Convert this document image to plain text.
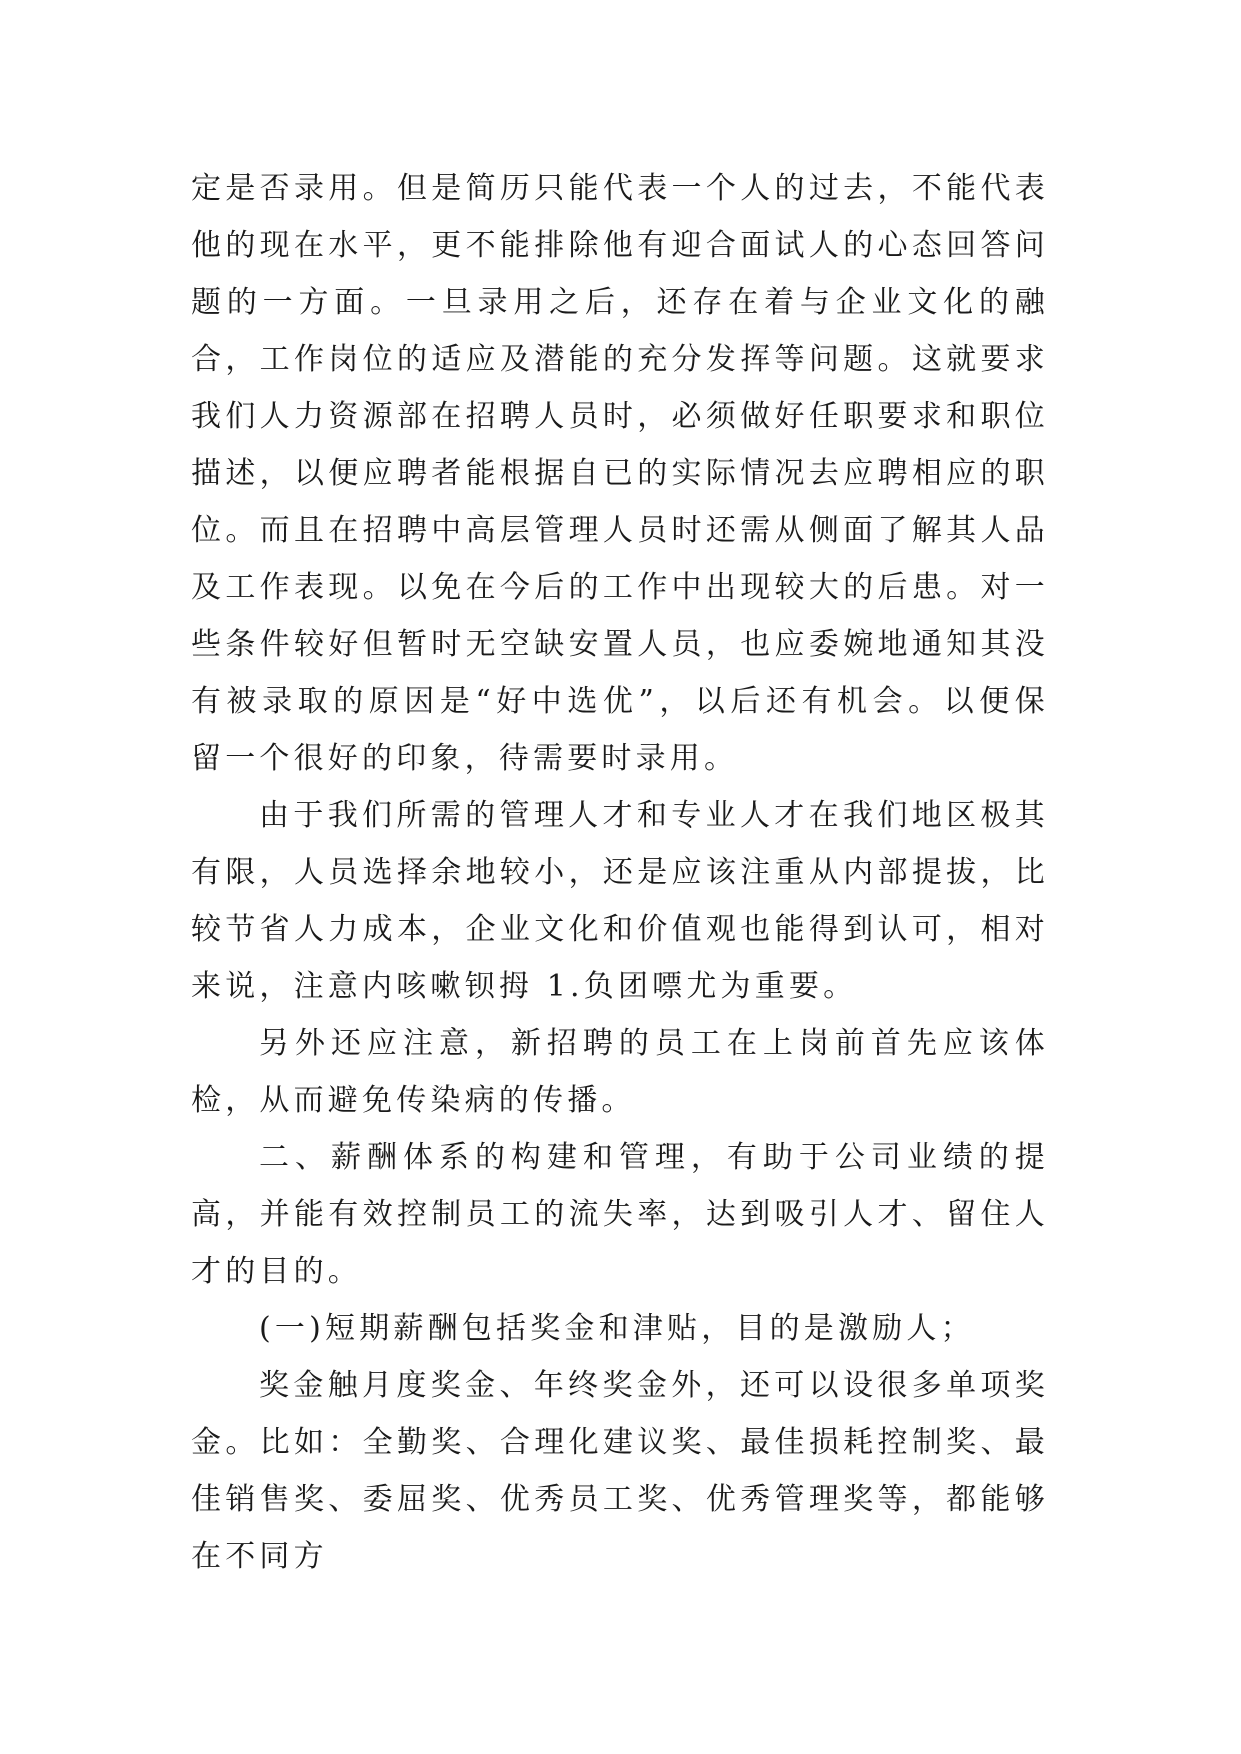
定是否录用。但是简历只能代表一个人的过去，不能代表他的现在水平，更不能排除他有迎合面试人的心态回答问题的一方面。一旦录用之后，还存在着与企业文化的融合，工作岗位的适应及潜能的充分发挥等问题。这就要求我们人力资源部在招聘人员时，必须做好任职要求和职位描述，以便应聘者能根据自已的实际情况去应聘相应的职位。而且在招聘中高层管理人员时还需从侧面了解其人品及工作表现。以免在今后的工作中出现较大的后患。对一些条件较好但暂时无空缺安置人员，也应委婉地通知其没有被录取的原因是“好中选优”，以后还有机会。以便保留一个很好的印象，待需要时录用。

由于我们所需的管理人才和专业人才在我们地区极其有限，人员选择余地较小，还是应该注重从内部提拔，比较节省人力成本，企业文化和价值观也能得到认可，相对来说，注意内咳嗽钡拇 1.负团嘌尤为重要。

另外还应注意，新招聘的员工在上岗前首先应该体检，从而避免传染病的传播。

二、薪酬体系的构建和管理，有助于公司业绩的提高，并能有效控制员工的流失率，达到吸引人才、留住人才的目的。

(一)短期薪酬包括奖金和津贴，目的是激励人；

奖金触月度奖金、年终奖金外，还可以设很多单项奖金。比如：全勤奖、合理化建议奖、最佳损耗控制奖、最佳销售奖、委屈奖、优秀员工奖、优秀管理奖等，都能够在不同方
